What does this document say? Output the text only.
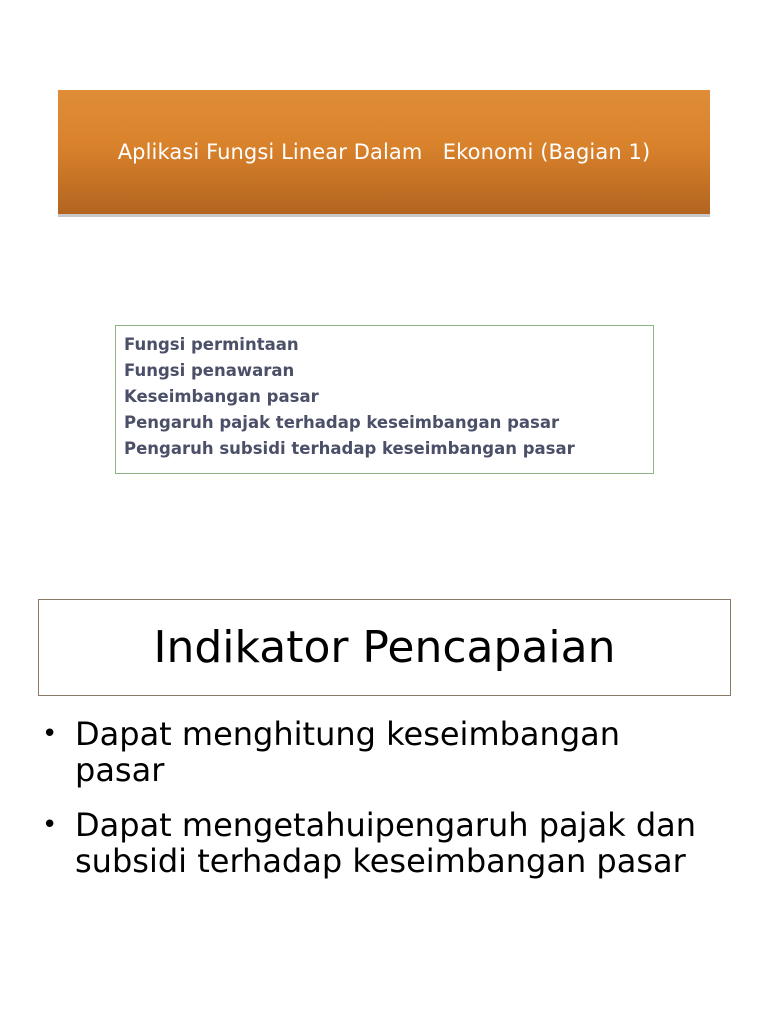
Aplikasi Fungsi Linear Dalam   Ekonomi (Bagian 1)
Fungsi permintaan
Fungsi penawaran
Keseimbangan pasar
Pengaruh pajak terhadap keseimbangan pasar
Pengaruh subsidi terhadap keseimbangan pasar
Indikator Pencapaian
• Dapat menghitung keseimbangan pasar
• Dapat mengetahuipengaruh pajak dan subsidi terhadap keseimbangan pasar
